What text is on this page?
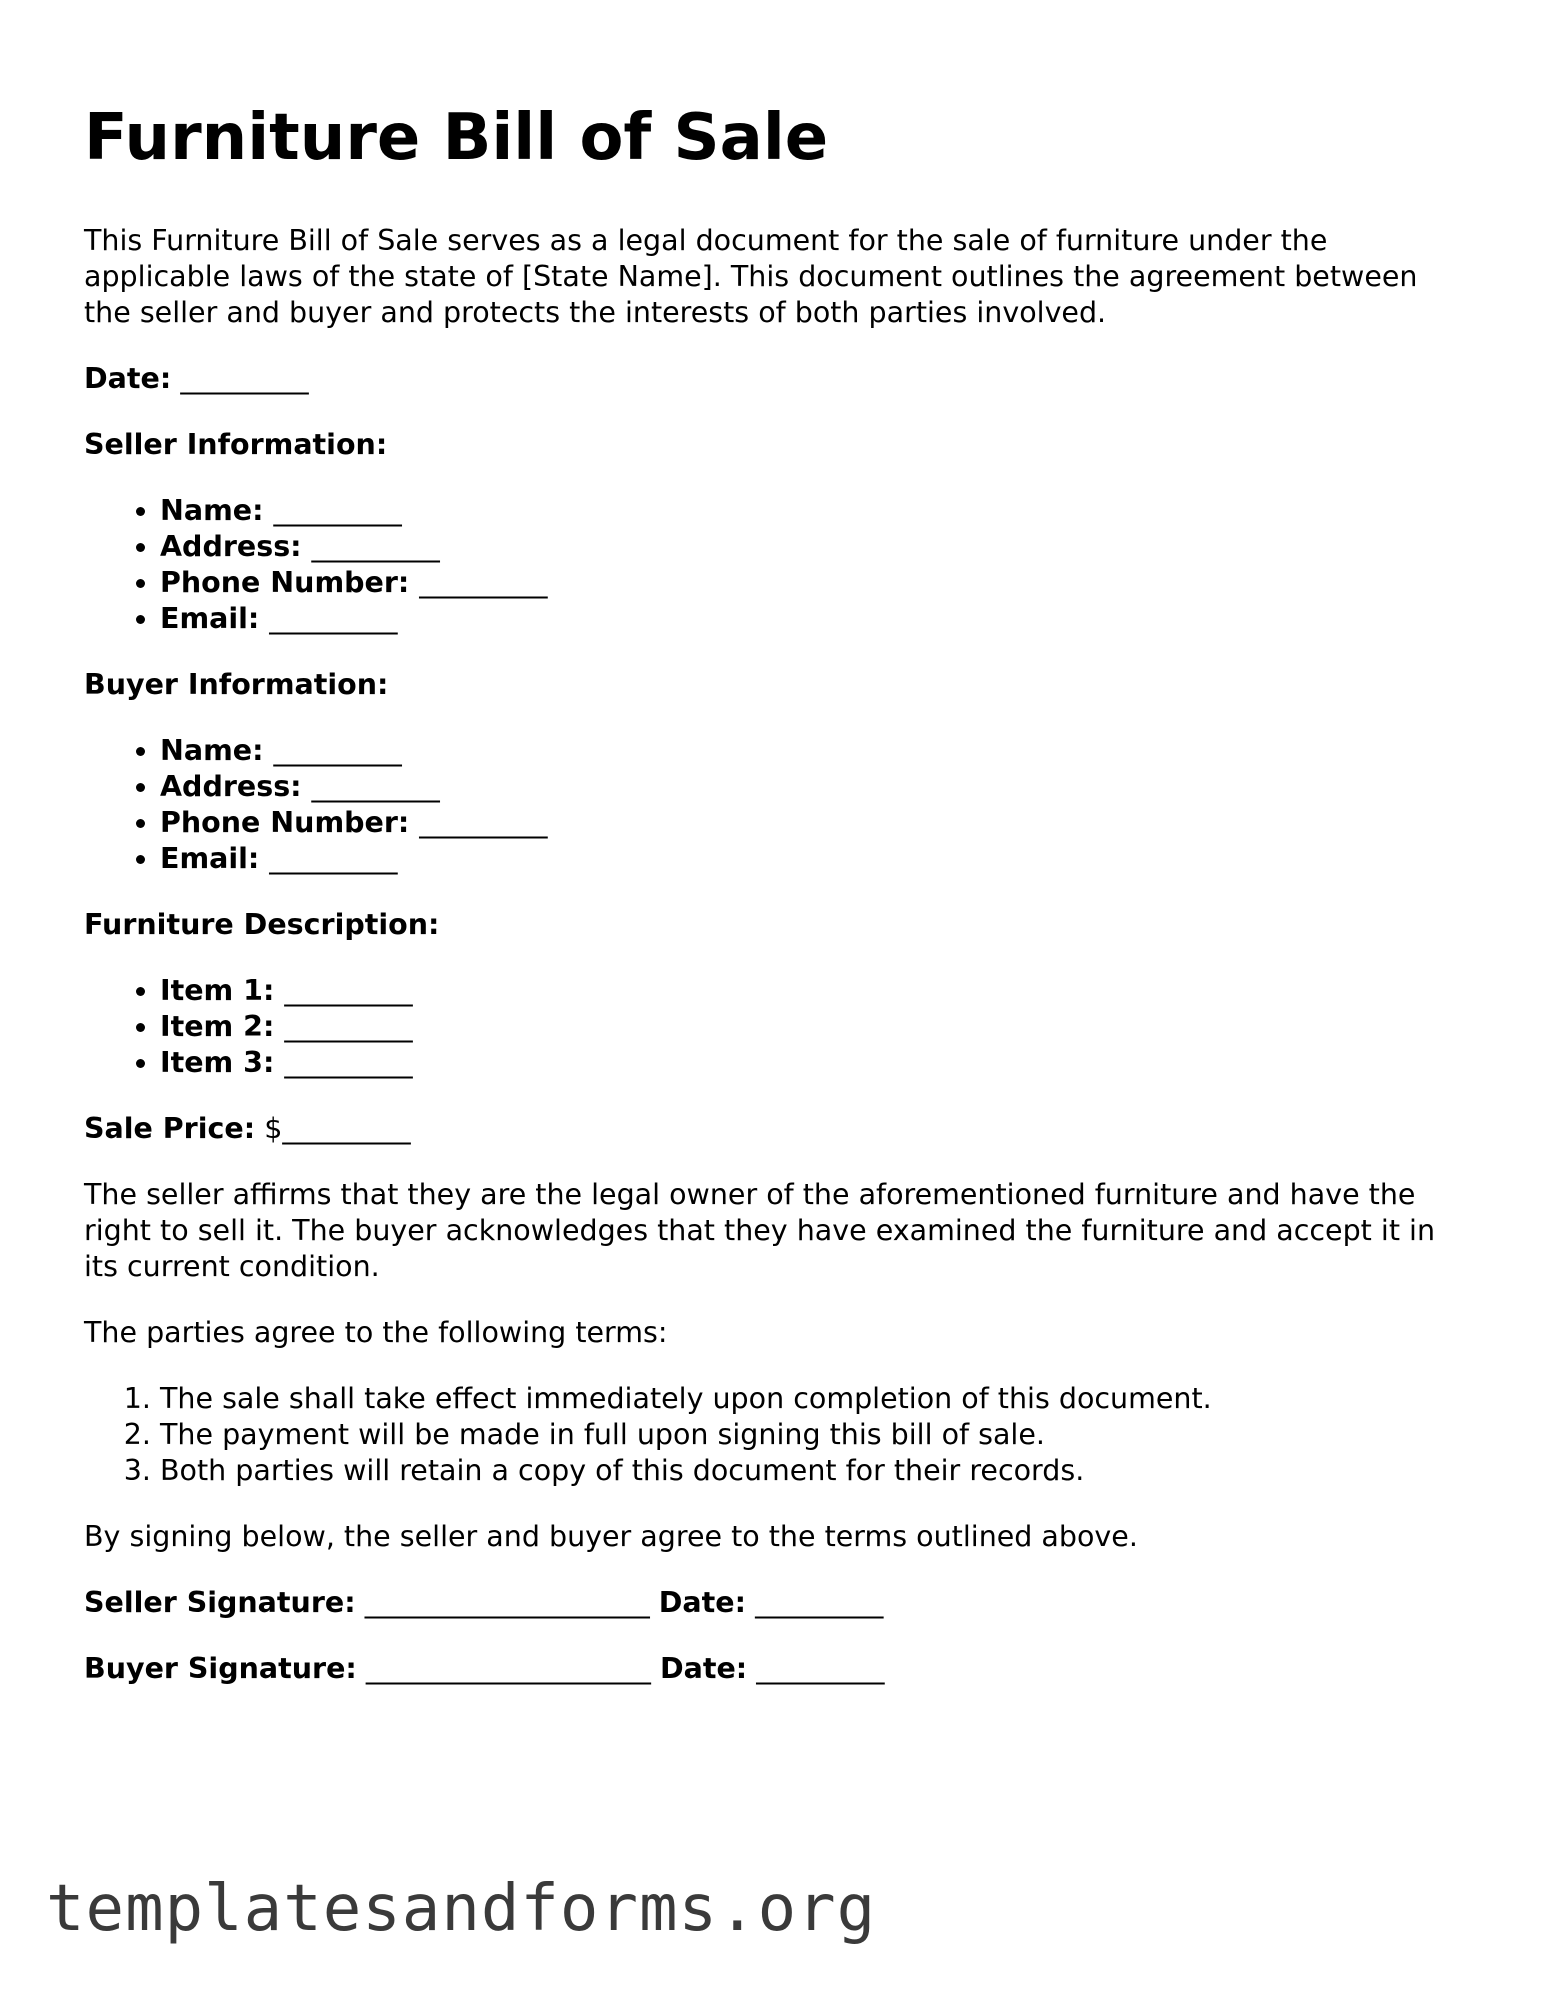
Furniture Bill of Sale

This Furniture Bill of Sale serves as a legal document for the sale of furniture under the applicable laws of the state of [State Name]. This document outlines the agreement between the seller and buyer and protects the interests of both parties involved.

Date: _________
Seller Information:
• Name: _________
• Address: _________
• Phone Number: _________
• Email: _________
Buyer Information:
• Name: _________
• Address: _________
• Phone Number: _________
• Email: _________
Furniture Description:
• Item 1: _________
• Item 2: _________
• Item 3: _________
Sale Price: $_________

The seller affirms that they are the legal owner of the aforementioned furniture and have the right to sell it. The buyer acknowledges that they have examined the furniture and accept it in its current condition.

The parties agree to the following terms:

1. The sale shall take effect immediately upon completion of this document.
2. The payment will be made in full upon signing this bill of sale.
3. Both parties will retain a copy of this document for their records.

By signing below, the seller and buyer agree to the terms outlined above.

Seller Signature: ____________________ Date: _________
Buyer Signature: ____________________ Date: _________
templatesandforms.org
